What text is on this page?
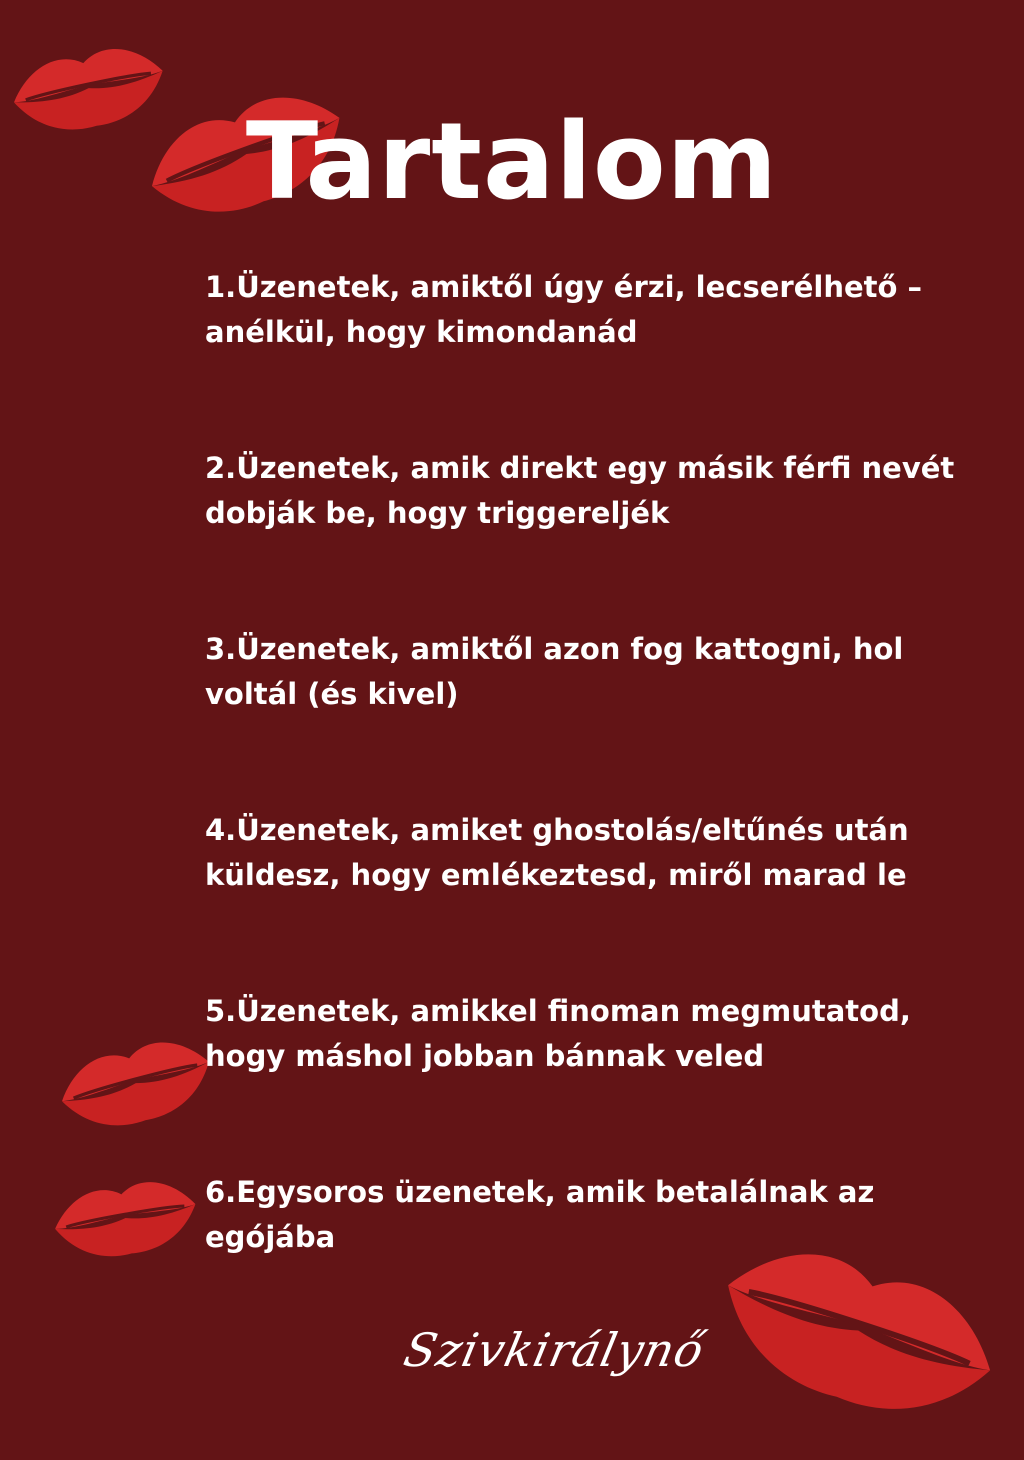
Tartalom
1.Üzenetek, amiktől úgy érzi, lecserélhető –
anélkül, hogy kimondanád
2.Üzenetek, amik direkt egy másik férfi nevét
dobják be, hogy triggereljék
3.Üzenetek, amiktől azon fog kattogni, hol
voltál (és kivel)
4.Üzenetek, amiket ghostolás/eltűnés után
küldesz, hogy emlékeztesd, miről marad le
5.Üzenetek, amikkel finoman megmutatod,
hogy máshol jobban bánnak veled
6.Egysoros üzenetek, amik betalálnak az
egójába
Szivkirálynő
